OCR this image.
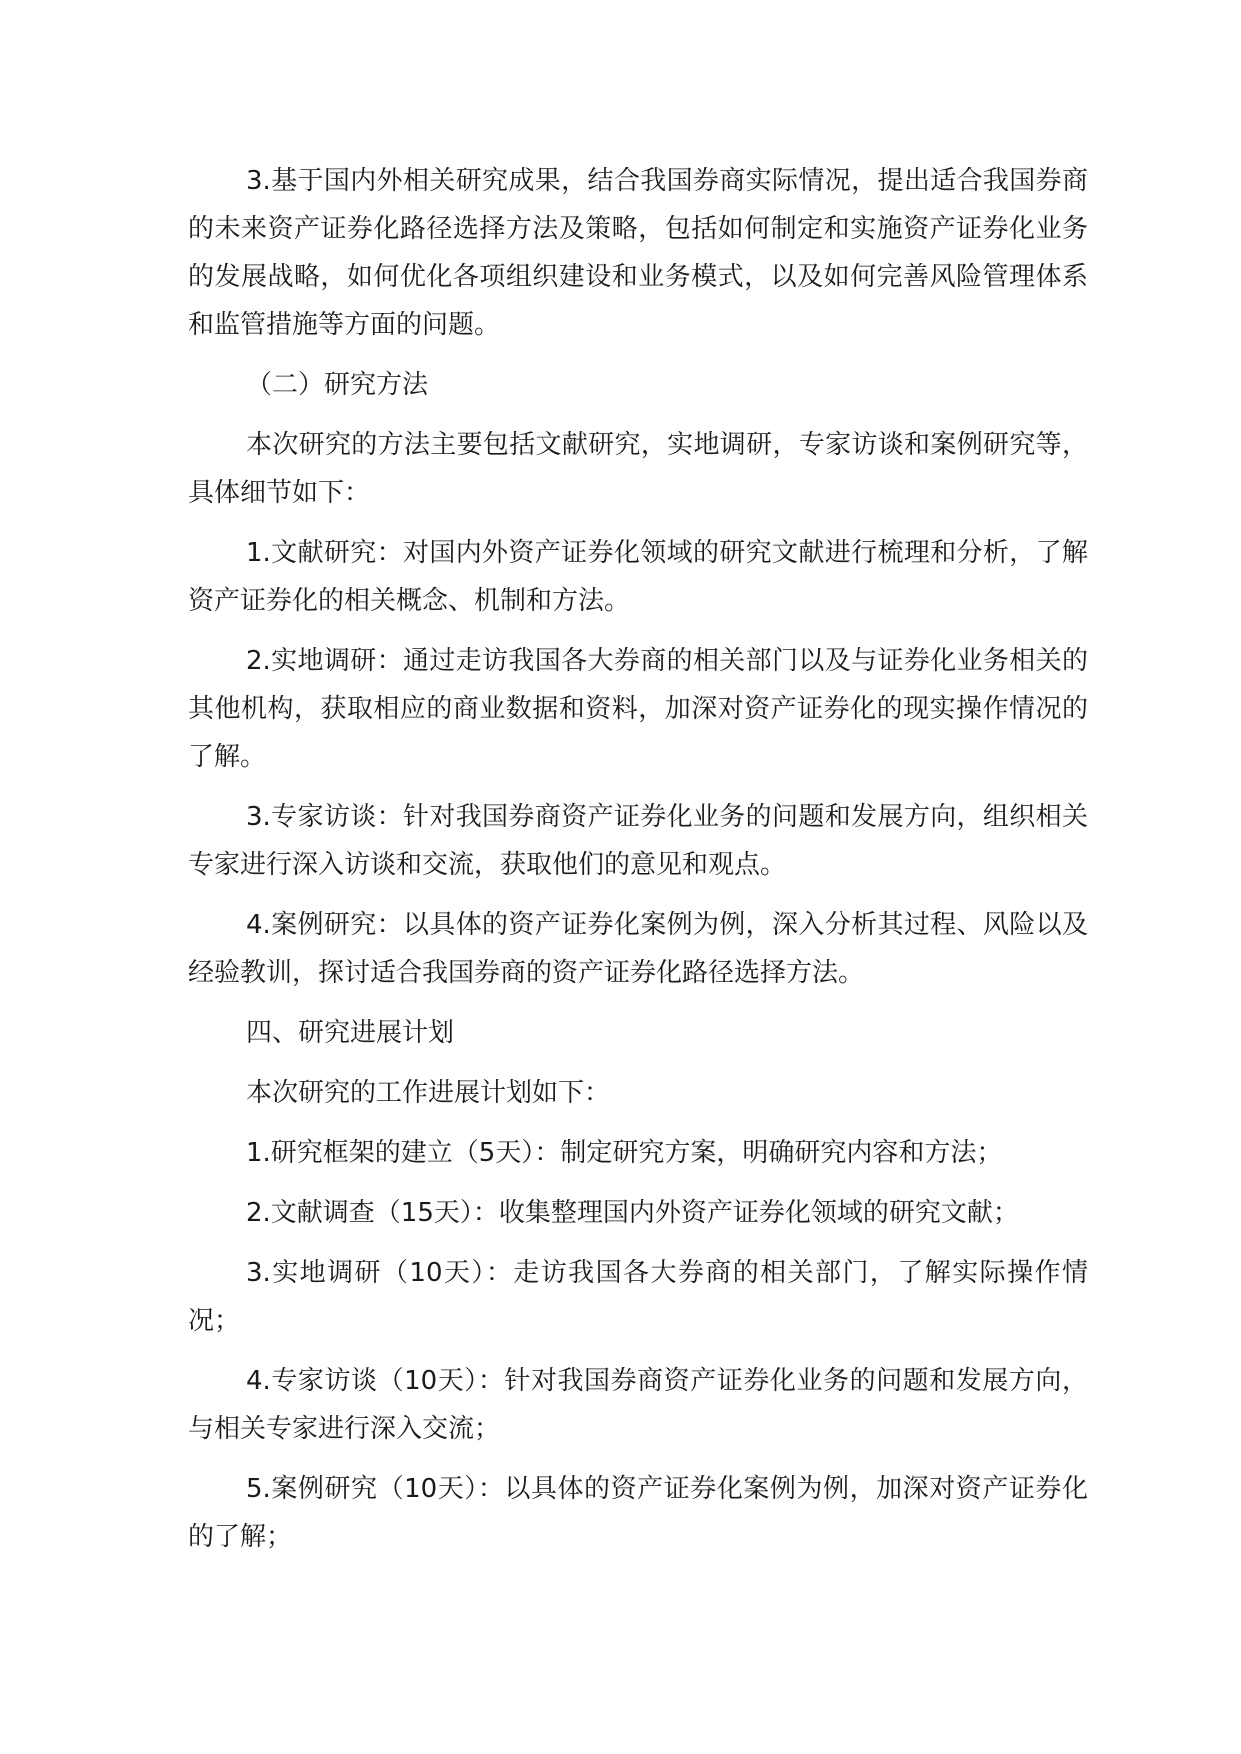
3.基于国内外相关研究成果，结合我国券商实际情况，提出适合我国券商的未来资产证券化路径选择方法及策略，包括如何制定和实施资产证券化业务的发展战略，如何优化各项组织建设和业务模式，以及如何完善风险管理体系和监管措施等方面的问题。

（二）研究方法

本次研究的方法主要包括文献研究，实地调研，专家访谈和案例研究等，具体细节如下：

1.文献研究：对国内外资产证券化领域的研究文献进行梳理和分析，了解资产证券化的相关概念、机制和方法。

2.实地调研：通过走访我国各大券商的相关部门以及与证券化业务相关的其他机构，获取相应的商业数据和资料，加深对资产证券化的现实操作情况的了解。

3.专家访谈：针对我国券商资产证券化业务的问题和发展方向，组织相关专家进行深入访谈和交流，获取他们的意见和观点。

4.案例研究：以具体的资产证券化案例为例，深入分析其过程、风险以及经验教训，探讨适合我国券商的资产证券化路径选择方法。

四、研究进展计划

本次研究的工作进展计划如下：

1.研究框架的建立（5天）：制定研究方案，明确研究内容和方法；

2.文献调查（15天）：收集整理国内外资产证券化领域的研究文献；

3.实地调研（10天）：走访我国各大券商的相关部门，了解实际操作情况；

4.专家访谈（10天）：针对我国券商资产证券化业务的问题和发展方向，与相关专家进行深入交流；

5.案例研究（10天）：以具体的资产证券化案例为例，加深对资产证券化的了解；
